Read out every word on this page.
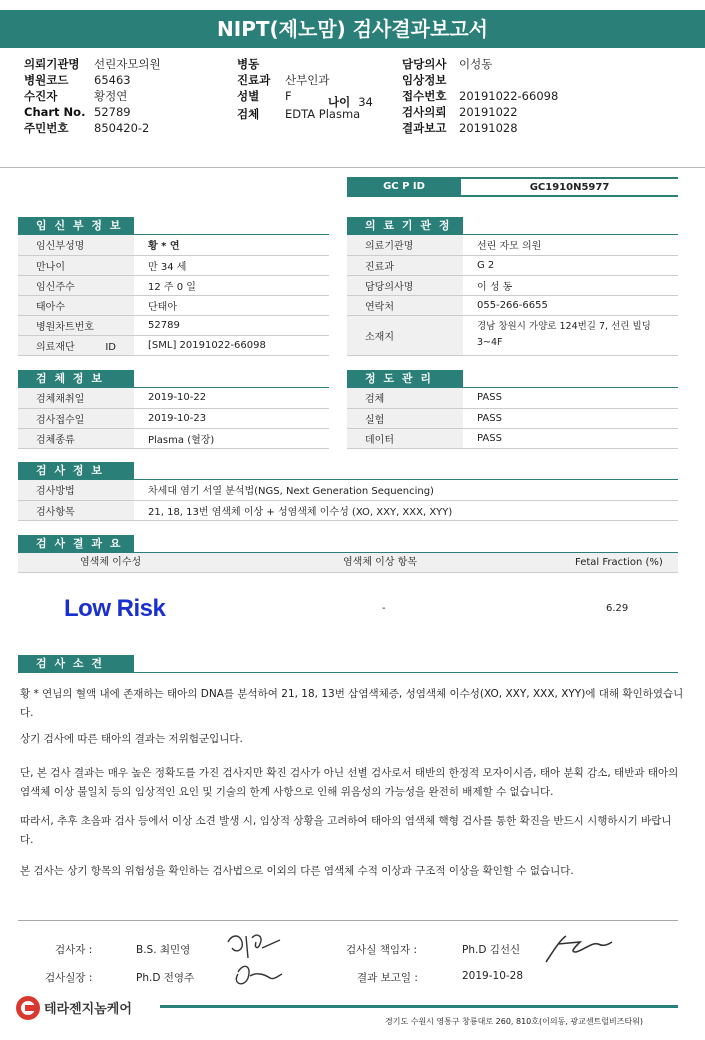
NIPT(제노맘) 검사결과보고서
의뢰기관명 선린자모의원
병원코드 65463
수진자	황정연
Chart No. 52789
주민번호 850420-2
병동
진료과 산부인과
성별 F
검체 EDTA Plasma
담당의사 이성동
임상정보
접수번호 20191022-66098
검사의뢰 20191022
결과보고 20191028
나이 34
GC P ID	GC1910N5977
임 신 부 정 보
임신부성명	황 * 연
만나이	만 34 세
임신주수	12 주 0 일
태아수	단태아
병원차트번호	52789
의료재단 ID	[SML] 20191022-66098
의 료 기 관 정
의료기관명	선린 자모 의원
진료과	G 2
담당의사명	이 성 동
연락처	055-266-6655
소재지	경남 창원시 가양로 124번길 7, 선린 빌딩 3~4F
검 체 정 보
검체채취일	2019-10-22
검사접수일	2019-10-23
검체종류	Plasma (혈장)
정 도 관 리
검체	PASS
실험	PASS
데이터	PASS
검 사 정 보
검사방법	차세대 염기 서열 분석법(NGS, Next Generation Sequencing)
검사항목	21, 18, 13번 염색체 이상 + 성염색체 이수성 (XO, XXY, XXX, XYY)
검 사 결 과 요
염색체 이수성	염색체 이상 항목	Fetal Fraction (%)
Low Risk	-	6.29
검 사 소 견
황 * 연님의 혈액 내에 존재하는 태아의 DNA를 분석하여 21, 18, 13번 삼염색체증, 성염색체 이수성(XO, XXY, XXX, XYY)에 대해 확인하였습니다.
상기 검사에 따른 태아의 결과는 저위험군입니다.
단, 본 검사 결과는 매우 높은 정확도를 가진 검사지만 확진 검사가 아닌 선별 검사로서 태반의 한정적 모자이시즘, 태아 분획 감소, 태반과 태아의 염색체 이상 불일치 등의 임상적인 요인 및 기술의 한계 사항으로 인해 위음성의 가능성을 완전히 배제할 수 없습니다.
따라서, 추후 초음파 검사 등에서 이상 소견 발생 시, 임상적 상황을 고려하여 태아의 염색체 핵형 검사를 통한 확진을 반드시 시행하시기 바랍니다.
본 검사는 상기 항목의 위험성을 확인하는 검사법으로 이외의 다른 염색체 수적 이상과 구조적 이상을 확인할 수 없습니다.
검사자 :	B.S. 최민영	검사실 책임자 :	Ph.D 김선신
검사실장 :	Ph.D 전영주	결과 보고일 :	2019-10-28
테라젠지놈케어
경기도 수원시 영통구 창룡대로 260, 810호(이의동, 광교센트럴비즈타워)
